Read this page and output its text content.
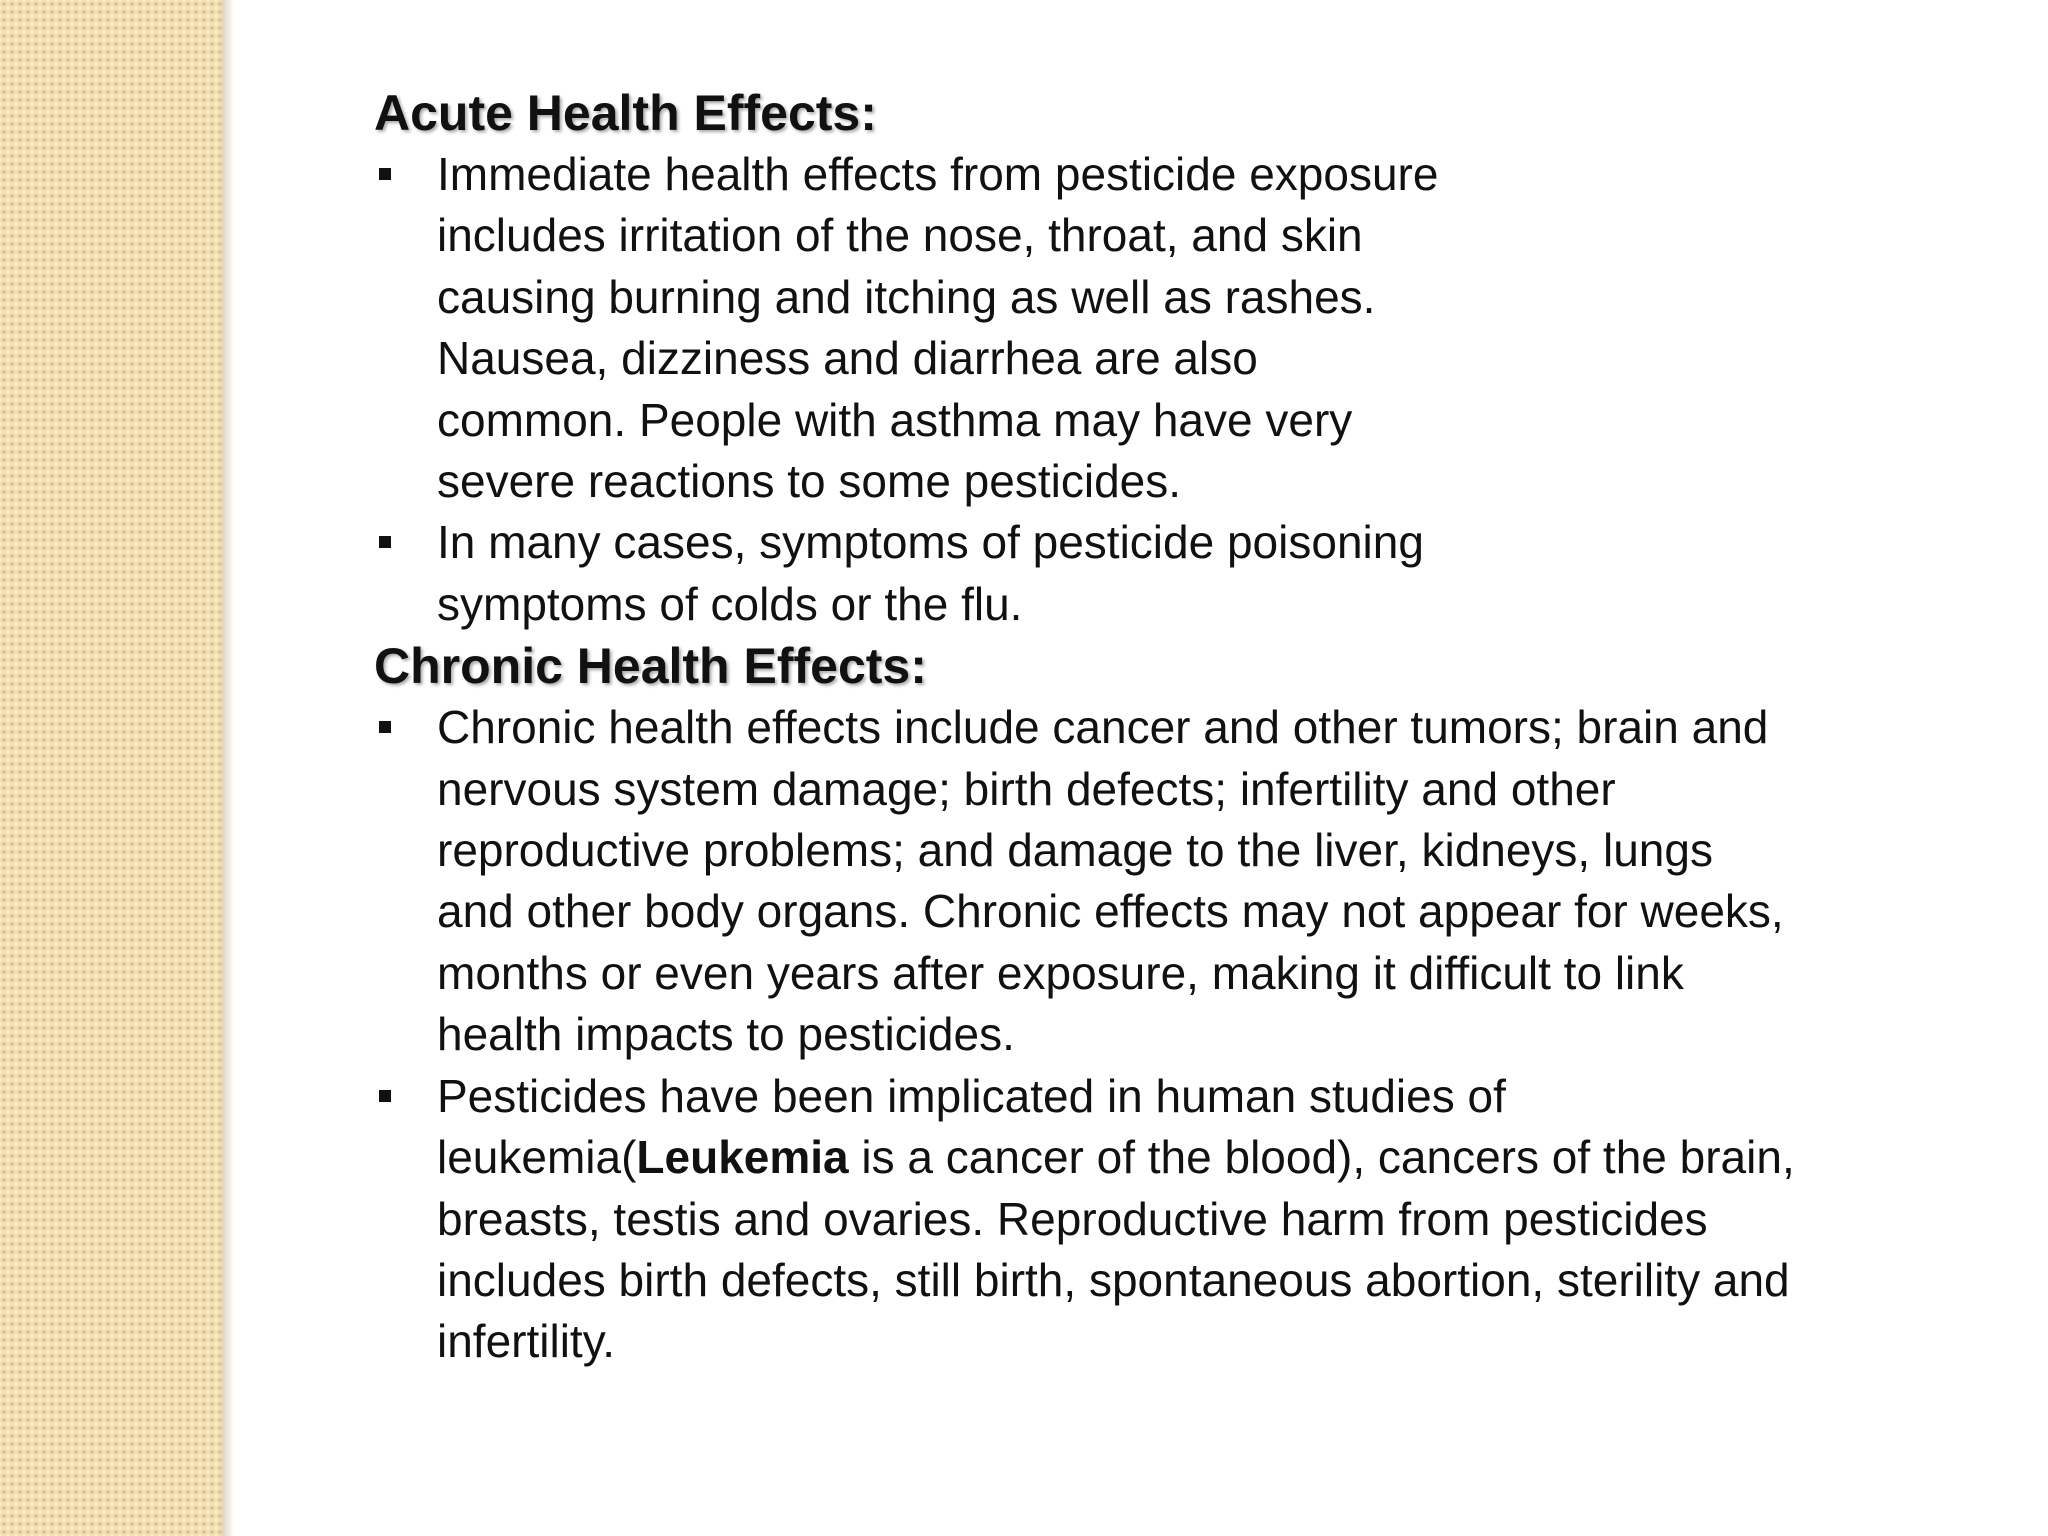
Acute Health Effects:
Immediate health effects from pesticide exposure includes irritation of the nose, throat, and skin causing burning and itching as well as rashes. Nausea, dizziness and diarrhea are also common. People with asthma may have very severe reactions to some pesticides.
In many cases, symptoms of pesticide poisoning symptoms of colds or the flu.
Chronic Health Effects:
Chronic health effects include cancer and other tumors; brain and nervous system damage; birth defects; infertility and other reproductive problems; and damage to the liver, kidneys, lungs and other body organs. Chronic effects may not appear for weeks, months or even years after exposure, making it difficult to link health impacts to pesticides.
Pesticides have been implicated in human studies of leukemia(Leukemia is a cancer of the blood), cancers of the brain, breasts, testis and ovaries. Reproductive harm from pesticides includes birth defects, still birth, spontaneous abortion, sterility and infertility.
